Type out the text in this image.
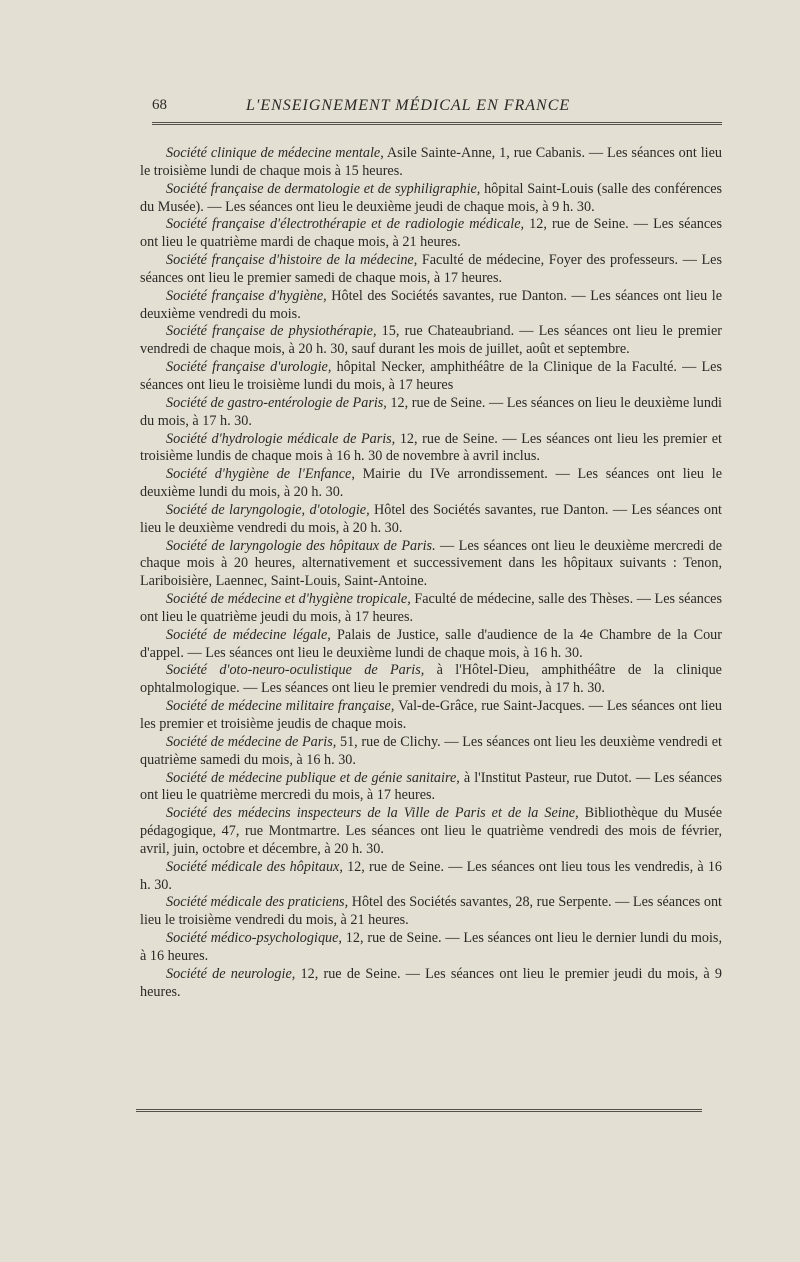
68	L'ENSEIGNEMENT MÉDICAL EN FRANCE

Société clinique de médecine mentale, Asile Sainte-Anne, 1, rue Cabanis. — Les séances ont lieu le troisième lundi de chaque mois à 15 heures.

Société française de dermatologie et de syphiligraphie, hôpital Saint-Louis (salle des conférences du Musée). — Les séances ont lieu le deuxième jeudi de chaque mois, à 9 h. 30.

Société française d'électrothérapie et de radiologie médicale, 12, rue de Seine. — Les séances ont lieu le quatrième mardi de chaque mois, à 21 heures.

Société française d'histoire de la médecine, Faculté de médecine, Foyer des professeurs. — Les séances ont lieu le premier samedi de chaque mois, à 17 heures.

Société française d'hygiène, Hôtel des Sociétés savantes, rue Danton. — Les séances ont lieu le deuxième vendredi du mois.

Société française de physiothérapie, 15, rue Chateaubriand. — Les séances ont lieu le premier vendredi de chaque mois, à 20 h. 30, sauf durant les mois de juillet, août et septembre.

Société française d'urologie, hôpital Necker, amphithéâtre de la Clinique de la Faculté. — Les séances ont lieu le troisième lundi du mois, à 17 heures

Société de gastro-entérologie de Paris, 12, rue de Seine. — Les séances on lieu le deuxième lundi du mois, à 17 h. 30.

Société d'hydrologie médicale de Paris, 12, rue de Seine. — Les séances ont lieu les premier et troisième lundis de chaque mois à 16 h. 30 de novembre à avril inclus.

Société d'hygiène de l'Enfance, Mairie du IVe arrondissement. — Les séances ont lieu le deuxième lundi du mois, à 20 h. 30.

Société de laryngologie, d'otologie, Hôtel des Sociétés savantes, rue Danton. — Les séances ont lieu le deuxième vendredi du mois, à 20 h. 30.

Société de laryngologie des hôpitaux de Paris. — Les séances ont lieu le deuxième mercredi de chaque mois à 20 heures, alternativement et successivement dans les hôpitaux suivants : Tenon, Lariboisière, Laennec, Saint-Louis, Saint-Antoine.

Société de médecine et d'hygiène tropicale, Faculté de médecine, salle des Thèses. — Les séances ont lieu le quatrième jeudi du mois, à 17 heures.

Société de médecine légale, Palais de Justice, salle d'audience de la 4e Chambre de la Cour d'appel. — Les séances ont lieu le deuxième lundi de chaque mois, à 16 h. 30.

Société d'oto-neuro-oculistique de Paris, à l'Hôtel-Dieu, amphithéâtre de la clinique ophtalmologique. — Les séances ont lieu le premier vendredi du mois, à 17 h. 30.

Société de médecine militaire française, Val-de-Grâce, rue Saint-Jacques. — Les séances ont lieu les premier et troisième jeudis de chaque mois.

Société de médecine de Paris, 51, rue de Clichy. — Les séances ont lieu les deuxième vendredi et quatrième samedi du mois, à 16 h. 30.

Société de médecine publique et de génie sanitaire, à l'Institut Pasteur, rue Dutot. — Les séances ont lieu le quatrième mercredi du mois, à 17 heures.

Société des médecins inspecteurs de la Ville de Paris et de la Seine, Bibliothèque du Musée pédagogique, 47, rue Montmartre. Les séances ont lieu le quatrième vendredi des mois de février, avril, juin, octobre et décembre, à 20 h. 30.

Société médicale des hôpitaux, 12, rue de Seine. — Les séances ont lieu tous les vendredis, à 16 h. 30.

Société médicale des praticiens, Hôtel des Sociétés savantes, 28, rue Serpente. — Les séances ont lieu le troisième vendredi du mois, à 21 heures.

Société médico-psychologique, 12, rue de Seine. — Les séances ont lieu le dernier lundi du mois, à 16 heures.

Société de neurologie, 12, rue de Seine. — Les séances ont lieu le premier jeudi du mois, à 9 heures.
